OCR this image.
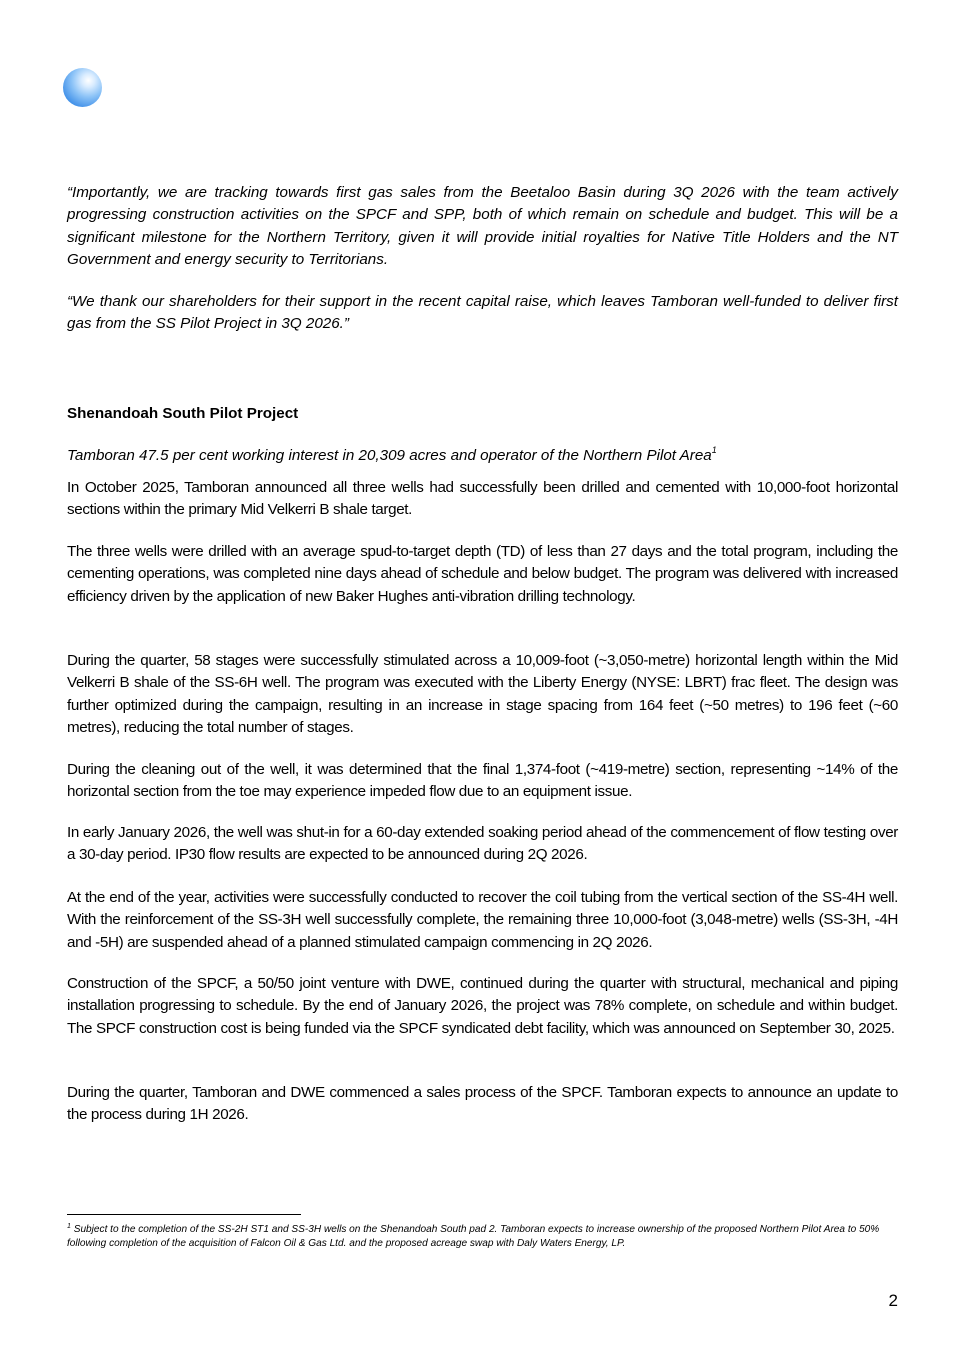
“Importantly, we are tracking towards first gas sales from the Beetaloo Basin during 3Q 2026 with the team actively progressing construction activities on the SPCF and SPP, both of which remain on schedule and budget. This will be a significant milestone for the Northern Territory, given it will provide initial royalties for Native Title Holders and the NT Government and energy security to Territorians.

“We thank our shareholders for their support in the recent capital raise, which leaves Tamboran well-funded to deliver first gas from the SS Pilot Project in 3Q 2026.”

Shenandoah South Pilot Project

Tamboran 47.5 per cent working interest in 20,309 acres and operator of the Northern Pilot Area$^1$

In October 2025, Tamboran announced all three wells had successfully been drilled and cemented with 10,000-foot horizontal sections within the primary Mid Velkerri B shale target.

The three wells were drilled with an average spud-to-target depth (TD) of less than 27 days and the total program, including the cementing operations, was completed nine days ahead of schedule and below budget. The program was delivered with increased efficiency driven by the application of new Baker Hughes anti-vibration drilling technology.

During the quarter, 58 stages were successfully stimulated across a 10,009-foot (~3,050-metre) horizontal length within the Mid Velkerri B shale of the SS-6H well. The program was executed with the Liberty Energy (NYSE: LBRT) frac fleet. The design was further optimized during the campaign, resulting in an increase in stage spacing from 164 feet (~50 metres) to 196 feet (~60 metres), reducing the total number of stages.

During the cleaning out of the well, it was determined that the final 1,374-foot (~419-metre) section, representing ~14% of the horizontal section from the toe may experience impeded flow due to an equipment issue.

In early January 2026, the well was shut-in for a 60-day extended soaking period ahead of the commencement of flow testing over a 30-day period. IP30 flow results are expected to be announced during 2Q 2026.

At the end of the year, activities were successfully conducted to recover the coil tubing from the vertical section of the SS-4H well. With the reinforcement of the SS-3H well successfully complete, the remaining three 10,000-foot (3,048-metre) wells (SS-3H, -4H and -5H) are suspended ahead of a planned stimulated campaign commencing in 2Q 2026.

Construction of the SPCF, a 50/50 joint venture with DWE, continued during the quarter with structural, mechanical and piping installation progressing to schedule. By the end of January 2026, the project was 78% complete, on schedule and within budget. The SPCF construction cost is being funded via the SPCF syndicated debt facility, which was announced on September 30, 2025.

During the quarter, Tamboran and DWE commenced a sales process of the SPCF. Tamboran expects to announce an update to the process during 1H 2026.

$^1$ Subject to the completion of the SS-2H ST1 and SS-3H wells on the Shenandoah South pad 2. Tamboran expects to increase ownership of the proposed Northern Pilot Area to 50% following completion of the acquisition of Falcon Oil & Gas Ltd. and the proposed acreage swap with Daly Waters Energy, LP.

2
